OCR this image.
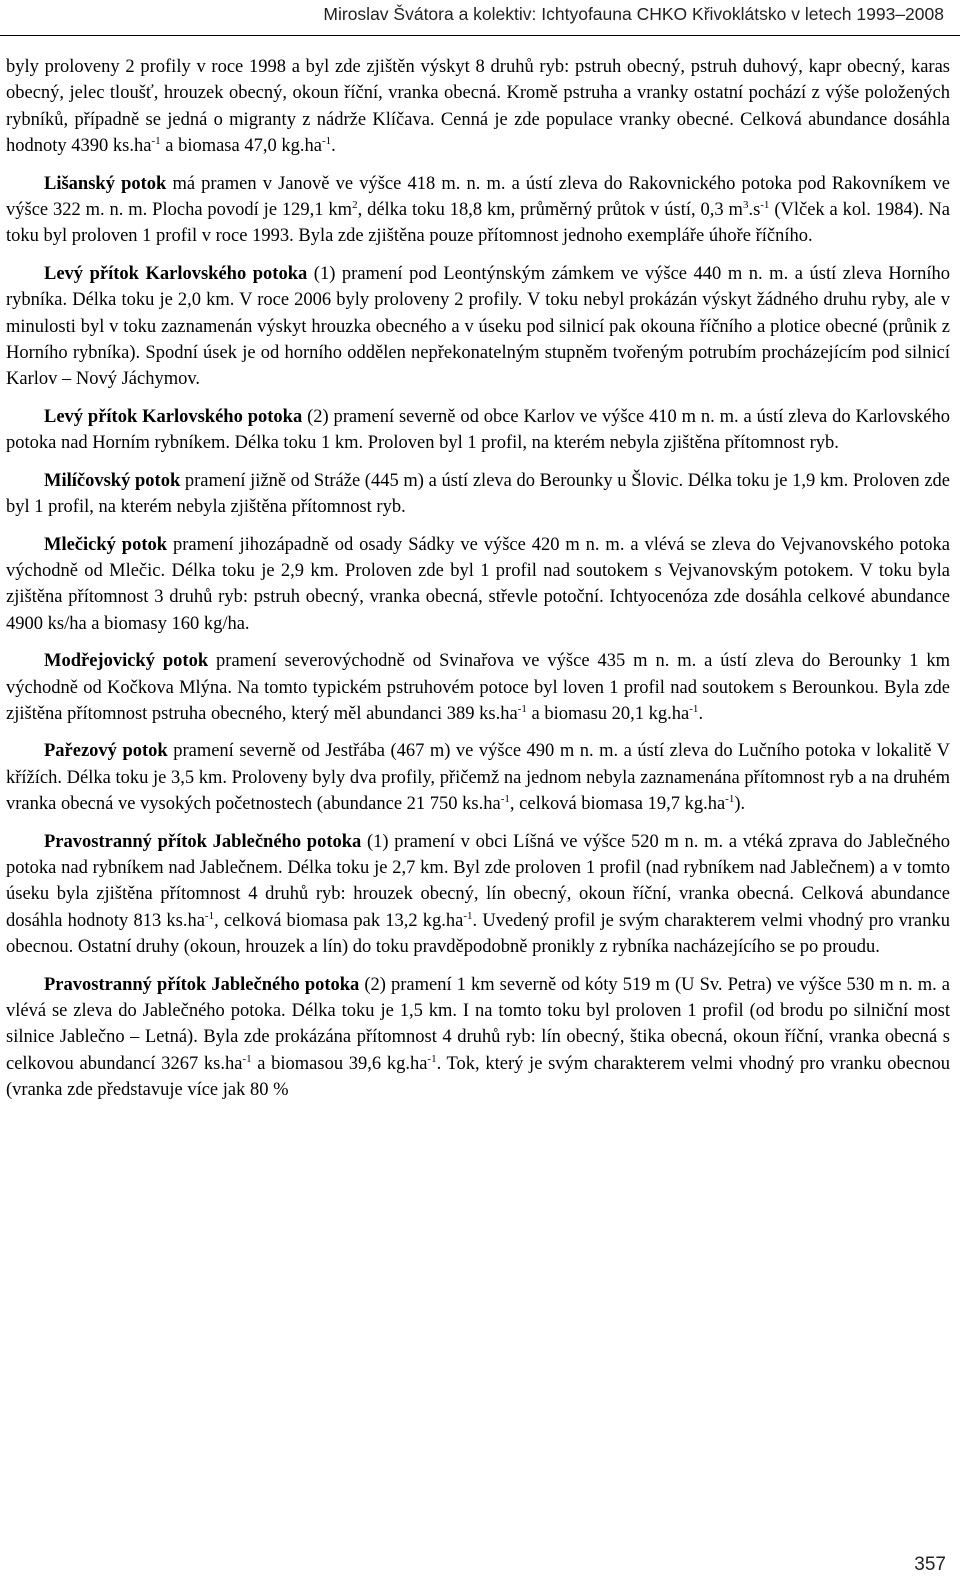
Miroslav Švátora a kolektiv: Ichtyofauna CHKO Křivoklátsko v letech 1993–2008

byly proloveny 2 profily v roce 1998 a byl zde zjištěn výskyt 8 druhů ryb: pstruh obecný, pstruh duhový, kapr obecný, karas obecný, jelec tloušť, hrouzek obecný, okoun říční, vranka obecná. Kromě pstruha a vranky ostatní pochází z výše položených rybníků, případně se jedná o migranty z nádrže Klíčava. Cenná je zde populace vranky obecné. Celková abundance dosáhla hodnoty 4390 $ks.ha^{-1}$ a biomasa 47,0 $kg.ha^{-1}$.

Lišanský potok má pramen v Janově ve výšce 418 m. n. m. a ústí zleva do Rakovnického potoka pod Rakovníkem ve výšce 322 m. n. m. Plocha povodí je 129,1 $km^2$, délka toku 18,8 km, průměrný průtok v ústí, 0,3 $m^3.s^{-1}$ (Vlček a kol. 1984). Na toku byl proloven 1 profil v roce 1993. Byla zde zjištěna pouze přítomnost jednoho exempláře úhoře říčního.

Levý přítok Karlovského potoka (1) pramení pod Leontýnským zámkem ve výšce 440 m n. m. a ústí zleva Horního rybníka. Délka toku je 2,0 km. V roce 2006 byly proloveny 2 profily. V toku nebyl prokázán výskyt žádného druhu ryby, ale v minulosti byl v toku zaznamenán výskyt hrouzka obecného a v úseku pod silnicí pak okouna říčního a plotice obecné (průnik z Horního rybníka). Spodní úsek je od horního oddělen nepřekonatelným stupněm tvořeným potrubím procházejícím pod silnicí Karlov – Nový Jáchymov.

Levý přítok Karlovského potoka (2) pramení severně od obce Karlov ve výšce 410 m n. m. a ústí zleva do Karlovského potoka nad Horním rybníkem. Délka toku 1 km. Proloven byl 1 profil, na kterém nebyla zjištěna přítomnost ryb.

Milíčovský potok pramení jižně od Stráže (445 m) a ústí zleva do Berounky u Šlovic. Délka toku je 1,9 km. Proloven zde byl 1 profil, na kterém nebyla zjištěna přítomnost ryb.

Mlečický potok pramení jihozápadně od osady Sádky ve výšce 420 m n. m. a vlévá se zleva do Vejvanovského potoka východně od Mlečic. Délka toku je 2,9 km. Proloven zde byl 1 profil nad soutokem s Vejvanovským potokem. V toku byla zjištěna přítomnost 3 druhů ryb: pstruh obecný, vranka obecná, střevle potoční. Ichtyocenóza zde dosáhla celkové abundance 4900 ks/ha a biomasy 160 kg/ha.

Modřejovický potok pramení severovýchodně od Svinařova ve výšce 435 m n. m. a ústí zleva do Berounky 1 km východně od Kočkova Mlýna. Na tomto typickém pstruhovém potoce byl loven 1 profil nad soutokem s Berounkou. Byla zde zjištěna přítomnost pstruha obecného, který měl abundanci 389 $ks.ha^{-1}$ a biomasu 20,1 $kg.ha^{-1}$.

Pařezový potok pramení severně od Jestřába (467 m) ve výšce 490 m n. m. a ústí zleva do Lučního potoka v lokalitě V křížích. Délka toku je 3,5 km. Proloveny byly dva profily, přičemž na jednom nebyla zaznamenána přítomnost ryb a na druhém vranka obecná ve vysokých početnostech (abundance 21 750 $ks.ha^{-1}$, celková biomasa 19,7 $kg.ha^{-1}$).

Pravostranný přítok Jablečného potoka (1) pramení v obci Líšná ve výšce 520 m n. m. a vtéká zprava do Jablečného potoka nad rybníkem nad Jablečnem. Délka toku je 2,7 km. Byl zde proloven 1 profil (nad rybníkem nad Jablečnem) a v tomto úseku byla zjištěna přítomnost 4 druhů ryb: hrouzek obecný, lín obecný, okoun říční, vranka obecná. Celková abundance dosáhla hodnoty 813 $ks.ha^{-1}$, celková biomasa pak 13,2 $kg.ha^{-1}$. Uvedený profil je svým charakterem velmi vhodný pro vranku obecnou. Ostatní druhy (okoun, hrouzek a lín) do toku pravděpodobně pronikly z rybníka nacházejícího se po proudu.

Pravostranný přítok Jablečného potoka (2) pramení 1 km severně od kóty 519 m (U Sv. Petra) ve výšce 530 m n. m. a vlévá se zleva do Jablečného potoka. Délka toku je 1,5 km. I na tomto toku byl proloven 1 profil (od brodu po silniční most silnice Jablečno – Letná). Byla zde prokázána přítomnost 4 druhů ryb: lín obecný, štika obecná, okoun říční, vranka obecná s celkovou abundancí 3267 $ks.ha^{-1}$ a biomasou 39,6 $kg.ha^{-1}$. Tok, který je svým charakterem velmi vhodný pro vranku obecnou (vranka zde představuje více jak 80 %

357
